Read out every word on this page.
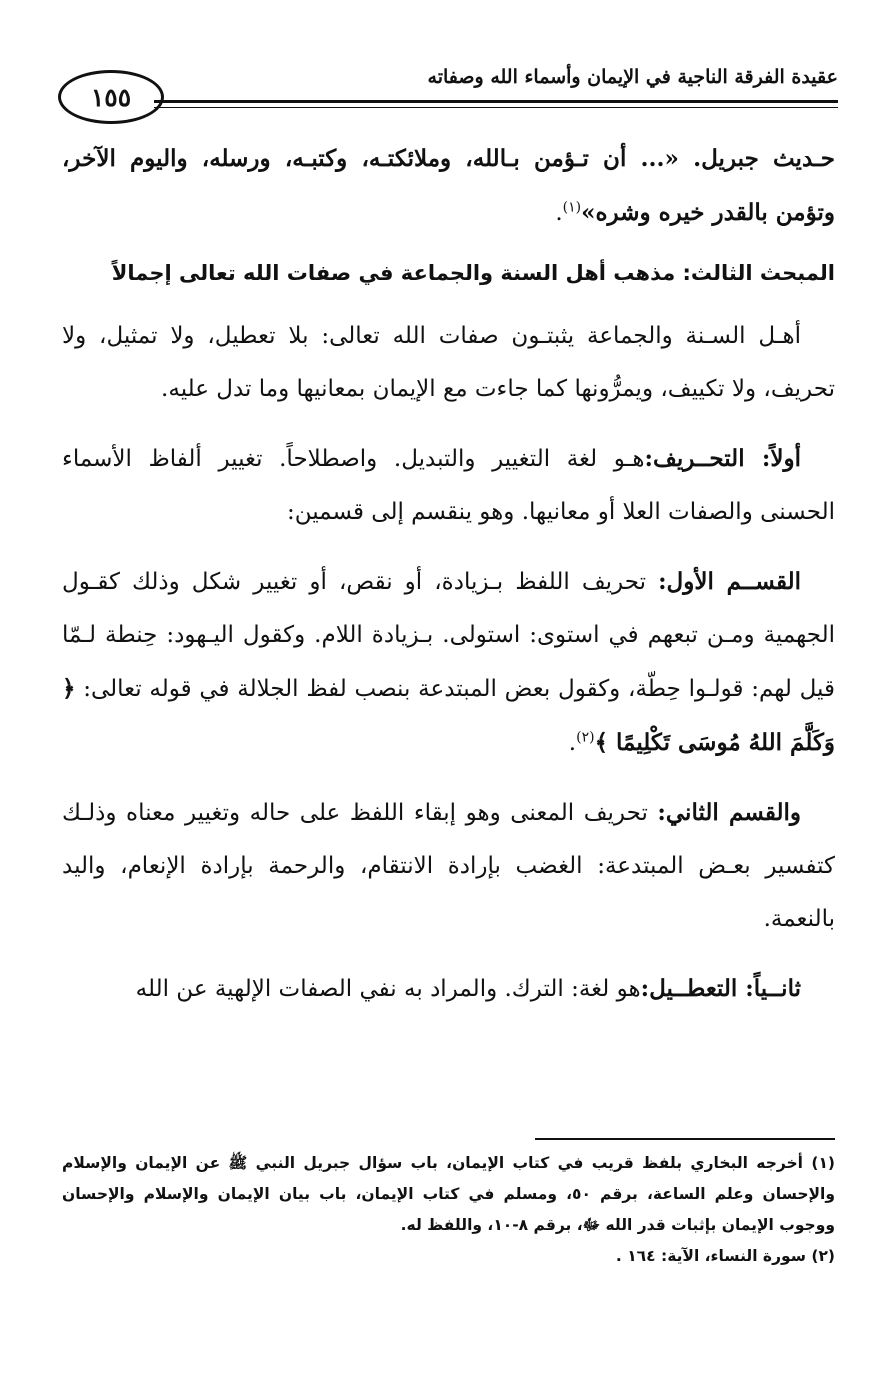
عقيدة الفرقة الناجية في الإيمان وأسماء الله وصفاته
١٥٥

حـديث جبريل. «... أن تـؤمن بـالله، وملائكتـه، وكتبـه، ورسله، واليوم الآخر، وتؤمن بالقدر خيره وشره»$^{(١)}$.

المبحث الثالث: مذهب أهل السنة والجماعة في صفات الله تعالى إجمالاً

أهـل السـنة والجماعة يثبتـون صفات الله تعالى: بلا تعطيل، ولا تمثيل، ولا تحريف، ولا تكييف، ويمرُّونها كما جاءت مع الإيمان بمعانيها وما تدل عليه.

أولاً: التحــريف:هـو لغة التغيير والتبديل. واصطلاحاً. تغيير ألفاظ الأسماء الحسنى والصفات العلا أو معانيها. وهو ينقسم إلى قسمين:

القســم الأول: تحريف اللفظ بـزيادة، أو نقص، أو تغيير شكل وذلك كقـول الجهمية ومـن تبعهم في استوى: استولى. بـزيادة اللام. وكقول اليـهود: حِنطة لـمّا قيل لهم: قولـوا حِطّة، وكقول بعض المبتدعة بنصب لفظ الجلالة في قوله تعالى: ﴿ وَكَلَّمَ اللهُ مُوسَى تَكْلِيمًا ﴾$^{(٢)}$.

والقسم الثاني: تحريف المعنى وهو إبقاء اللفظ على حاله وتغيير معناه وذلـك كتفسير بعـض المبتدعة: الغضب بإرادة الانتقام، والرحمة بإرادة الإنعام، واليد بالنعمة.

ثانــياً: التعطــيل:هو لغة: الترك. والمراد به نفي الصفات الإلهية عن الله

(١) أخرجه البخاري بلفظ قريب في كتاب الإيمان، باب سؤال جبريل النبي ﷺ عن الإيمان والإسلام والإحسان وعلم الساعة، برقم ٥٠، ومسلم في كتاب الإيمان، باب بيان الإيمان والإسلام والإحسان ووجوب الإيمان بإثبات قدر الله ﷻ، برقم ٨-١٠، واللفظ له.

(٢) سورة النساء، الآية: ١٦٤ .
